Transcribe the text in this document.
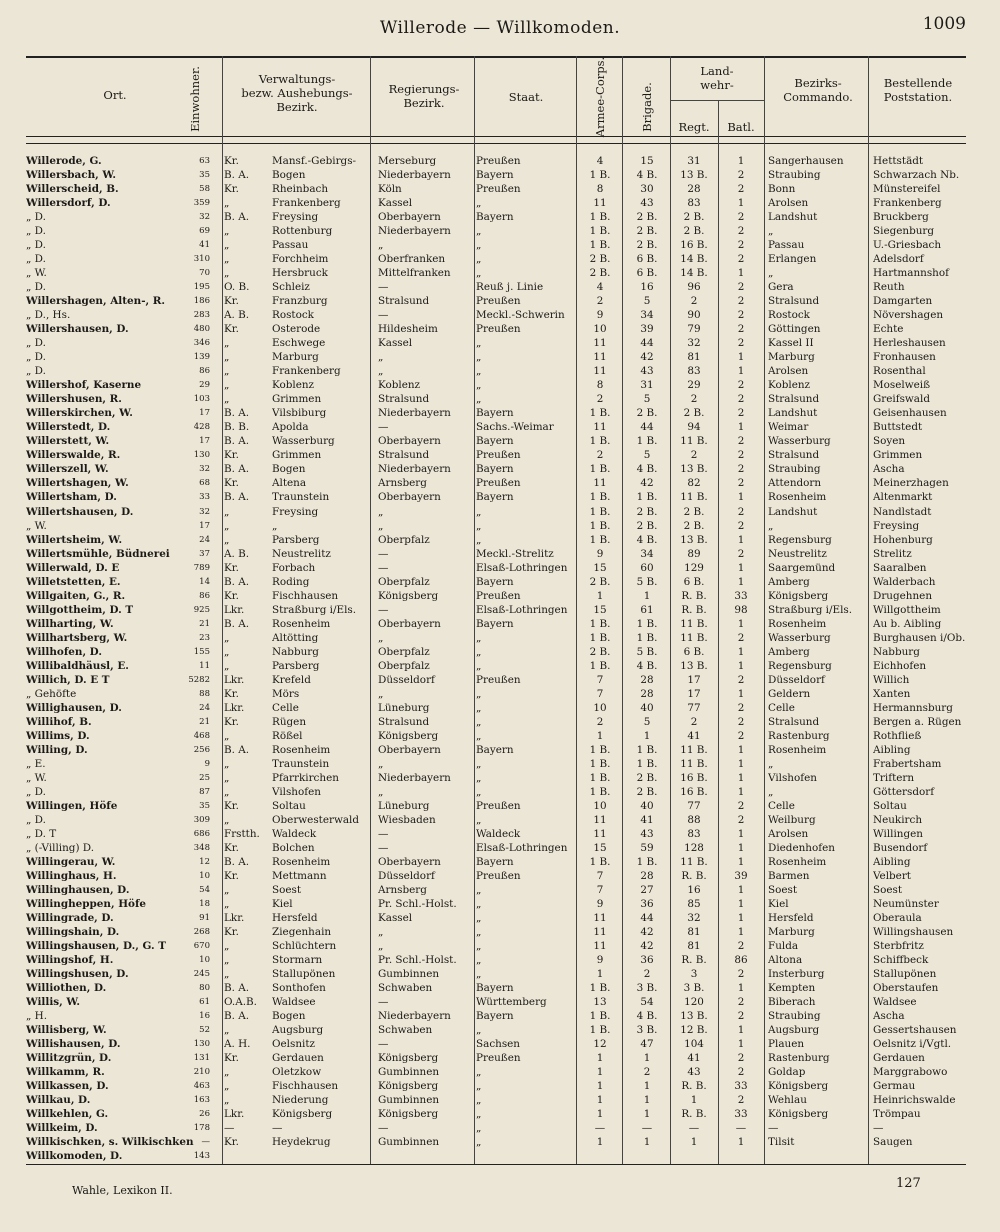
Willerode — Willkomoden.	1009
Ort.	Einwohner.	Verwaltungs-
bezw. Aushebungs-
Bezirk.
Regierungs-
Bezirk.	Staat.	Armee-Corps.	Brigade.
Land-
wehr-
Regt.	Batl.
Bezirks-
Commando.
Bestellende
Poststation.
Willerode, G.	63 Kr.	Mansf.-Gebirgs-	Merseburg	Preußen	4	15	31	1	Sangerhausen	Hettstädt
Willersbach, W.	35 B. A.	Bogen	Niederbayern	Bayern	1 B.	4 B.	13 B.	2	Straubing	Schwarzach Nb.
Willerscheid, B.	58 Kr.	Rheinbach	Köln	Preußen	8	30	28	2	Bonn	Münstereifel
Willersdorf, D.	359 „	Frankenberg	Kassel	„	11	43	83	1	Arolsen	Frankenberg
„ D.	32 B. A.	Freysing	Oberbayern	Bayern	1 B.	2 B.	2 B.	2	Landshut	Bruckberg
„ D.	69 „	Rottenburg	Niederbayern	„	1 B.	2 B.	2 B.	2	„	Siegenburg
„ D.	41 „	Passau	„	„	1 B.	2 B.	16 B.	2	Passau	U.-Griesbach
„ D.	310 „	Forchheim	Oberfranken	„	2 B.	6 B.	14 B.	2	Erlangen	Adelsdorf
„ W.	70 „	Hersbruck	Mittelfranken	„	2 B.	6 B.	14 B.	1	„	Hartmannshof
„ D.	195 O. B.	Schleiz	—	Reuß j. Linie	4	16	96	2	Gera	Reuth
Willershagen, Alten-, R.	186 Kr.	Franzburg	Stralsund	Preußen	2	5	2	2	Stralsund	Damgarten
„ D., Hs.	283 A. B.	Rostock	—	Meckl.-Schwerin	9	34	90	2	Rostock	Növershagen
Willershausen, D.	480 Kr.	Osterode	Hildesheim	Preußen	10	39	79	2	Göttingen	Echte
„ D.	346 „	Eschwege	Kassel	„	11	44	32	2	Kassel II	Herleshausen
„ D.	139 „	Marburg	„	„	11	42	81	1	Marburg	Fronhausen
„ D.	86 „	Frankenberg	„	„	11	43	83	1	Arolsen	Rosenthal
Willershof, Kaserne	29 „	Koblenz	Koblenz	„	8	31	29	2	Koblenz	Moselweiß
Willershusen, R.	103 „	Grimmen	Stralsund	„	2	5	2	2	Stralsund	Greifswald
Willerskirchen, W.	17 B. A.	Vilsbiburg	Niederbayern	Bayern	1 B.	2 B.	2 B.	2	Landshut	Geisenhausen
Willerstedt, D.	428 B. B.	Apolda	—	Sachs.-Weimar	11	44	94	1	Weimar	Buttstedt
Willerstett, W.	17 B. A.	Wasserburg	Oberbayern	Bayern	1 B.	1 B.	11 B.	2	Wasserburg	Soyen
Willerswalde, R.	130 Kr.	Grimmen	Stralsund	Preußen	2	5	2	2	Stralsund	Grimmen
Willerszell, W.	32 B. A.	Bogen	Niederbayern	Bayern	1 B.	4 B.	13 B.	2	Straubing	Ascha
Willertshagen, W.	68 Kr.	Altena	Arnsberg	Preußen	11	42	82	2	Attendorn	Meinerzhagen
Willertsham, D.	33 B. A.	Traunstein	Oberbayern	Bayern	1 B.	1 B.	11 B.	1	Rosenheim	Altenmarkt
Willertshausen, D.	32 „	Freysing	„	„	1 B.	2 B.	2 B.	2	Landshut	Nandlstadt
„ W.	17 „	„	„	„	1 B.	2 B.	2 B.	2	„	Freysing
Willertsheim, W.	24 „	Parsberg	Oberpfalz	„	1 B.	4 B.	13 B.	1	Regensburg	Hohenburg
Willertsmühle, Büdnerei	37 A. B.	Neustrelitz	—	Meckl.-Strelitz	9	34	89	2	Neustrelitz	Strelitz
Willerwald, D. E	789 Kr.	Forbach	—	Elsaß-Lothringen	15	60	129	1	Saargemünd	Saaralben
Willetstetten, E.	14 B. A.	Roding	Oberpfalz	Bayern	2 B.	5 B.	6 B.	1	Amberg	Walderbach
Willgaiten, G., R.	86 Kr.	Fischhausen	Königsberg	Preußen	1	1	R. B.	33	Königsberg	Drugehnen
Willgottheim, D. T	925 Lkr.	Straßburg i/Els.	—	Elsaß-Lothringen	15	61	R. B.	98	Straßburg i/Els.	Willgottheim
Willharting, W.	21 B. A.	Rosenheim	Oberbayern	Bayern	1 B.	1 B.	11 B.	1	Rosenheim	Au b. Aibling
Willhartsberg, W.	23 „	Altötting	„	„	1 B.	1 B.	11 B.	2	Wasserburg	Burghausen i/Ob.
Willhofen, D.	155 „	Nabburg	Oberpfalz	„	2 B.	5 B.	6 B.	1	Amberg	Nabburg
Willibaldhäusl, E.	11 „	Parsberg	Oberpfalz	„	1 B.	4 B.	13 B.	1	Regensburg	Eichhofen
Willich, D. E T	5282 Lkr.	Krefeld	Düsseldorf	Preußen	7	28	17	2	Düsseldorf	Willich
„ Gehöfte	88 Kr.	Mörs	„	„	7	28	17	1	Geldern	Xanten
Willighausen, D.	24 Lkr.	Celle	Lüneburg	„	10	40	77	2	Celle	Hermannsburg
Willihof, B.	21 Kr.	Rügen	Stralsund	„	2	5	2	2	Stralsund	Bergen a. Rügen
Willims, D.	468 „	Rößel	Königsberg	„	1	1	41	2	Rastenburg	Rothfließ
Willing, D.	256 B. A.	Rosenheim	Oberbayern	Bayern	1 B.	1 B.	11 B.	1	Rosenheim	Aibling
„ E.	9 „	Traunstein	„	„	1 B.	1 B.	11 B.	1	„	Frabertsham
„ W.	25 „	Pfarrkirchen	Niederbayern	„	1 B.	2 B.	16 B.	1	Vilshofen	Triftern
„ D.	87 „	Vilshofen	„	„	1 B.	2 B.	16 B.	1	„	Göttersdorf
Willingen, Höfe	35 Kr.	Soltau	Lüneburg	Preußen	10	40	77	2	Celle	Soltau
„ D.	309 „	Oberwesterwald	Wiesbaden	„	11	41	88	2	Weilburg	Neukirch
„ D. T	686 Frstth.	Waldeck	—	Waldeck	11	43	83	1	Arolsen	Willingen
„ (-Villing) D.	348 Kr.	Bolchen	—	Elsaß-Lothringen	15	59	128	1	Diedenhofen	Busendorf
Willingerau, W.	12 B. A.	Rosenheim	Oberbayern	Bayern	1 B.	1 B.	11 B.	1	Rosenheim	Aibling
Willinghaus, H.	10 Kr.	Mettmann	Düsseldorf	Preußen	7	28	R. B.	39	Barmen	Velbert
Willinghausen, D.	54 „	Soest	Arnsberg	„	7	27	16	1	Soest	Soest
Willingheppen, Höfe	18 „	Kiel	Pr. Schl.-Holst.	„	9	36	85	1	Kiel	Neumünster
Willingrade, D.	91 Lkr.	Hersfeld	Kassel	„	11	44	32	1	Hersfeld	Oberaula
Willingshain, D.	268 Kr.	Ziegenhain	„	„	11	42	81	1	Marburg	Willingshausen
Willingshausen, D., G. T	670 „	Schlüchtern	„	„	11	42	81	2	Fulda	Sterbfritz
Willingshof, H.	10 „	Stormarn	Pr. Schl.-Holst.	„	9	36	R. B.	86	Altona	Schiffbeck
Willingshusen, D.	245 „	Stallupönen	Gumbinnen	„	1	2	3	2	Insterburg	Stallupönen
Williothen, D.	80 B. A.	Sonthofen	Schwaben	Bayern	1 B.	3 B.	3 B.	1	Kempten	Oberstaufen
Willis, W.	61 O.A.B.	Waldsee	—	Württemberg	13	54	120	2	Biberach	Waldsee
„ H.	16 B. A.	Bogen	Niederbayern	Bayern	1 B.	4 B.	13 B.	2	Straubing	Ascha
Willisberg, W.	52 „	Augsburg	Schwaben	„	1 B.	3 B.	12 B.	1	Augsburg	Gessertshausen
Willishausen, D.	130 A. H.	Oelsnitz	—	Sachsen	12	47	104	1	Plauen	Oelsnitz i/Vgtl.
Willitzgrün, D.	131 Kr.	Gerdauen	Königsberg	Preußen	1	1	41	2	Rastenburg	Gerdauen
Willkamm, R.	210 „	Oletzkow	Gumbinnen	„	1	2	43	2	Goldap	Marggrabowo
Willkassen, D.	463 „	Fischhausen	Königsberg	„	1	1	R. B.	33	Königsberg	Germau
Willkau, D.	163 „	Niederung	Gumbinnen	„	1	1	1	2	Wehlau	Heinrichswalde
Willkehlen, G.	26 Lkr.	Königsberg	Königsberg	„	1	1	R. B.	33	Königsberg	Trömpau
Willkeim, D.	178 —	—	—	„	—	—	—	—	—	—
Willkischken, s. Wilkischken — Kr.	Heydekrug	Gumbinnen	„	1	1	1	1	Tilsit	Saugen
Willkomoden, D.	143
Wahle, Lexikon II.	127
